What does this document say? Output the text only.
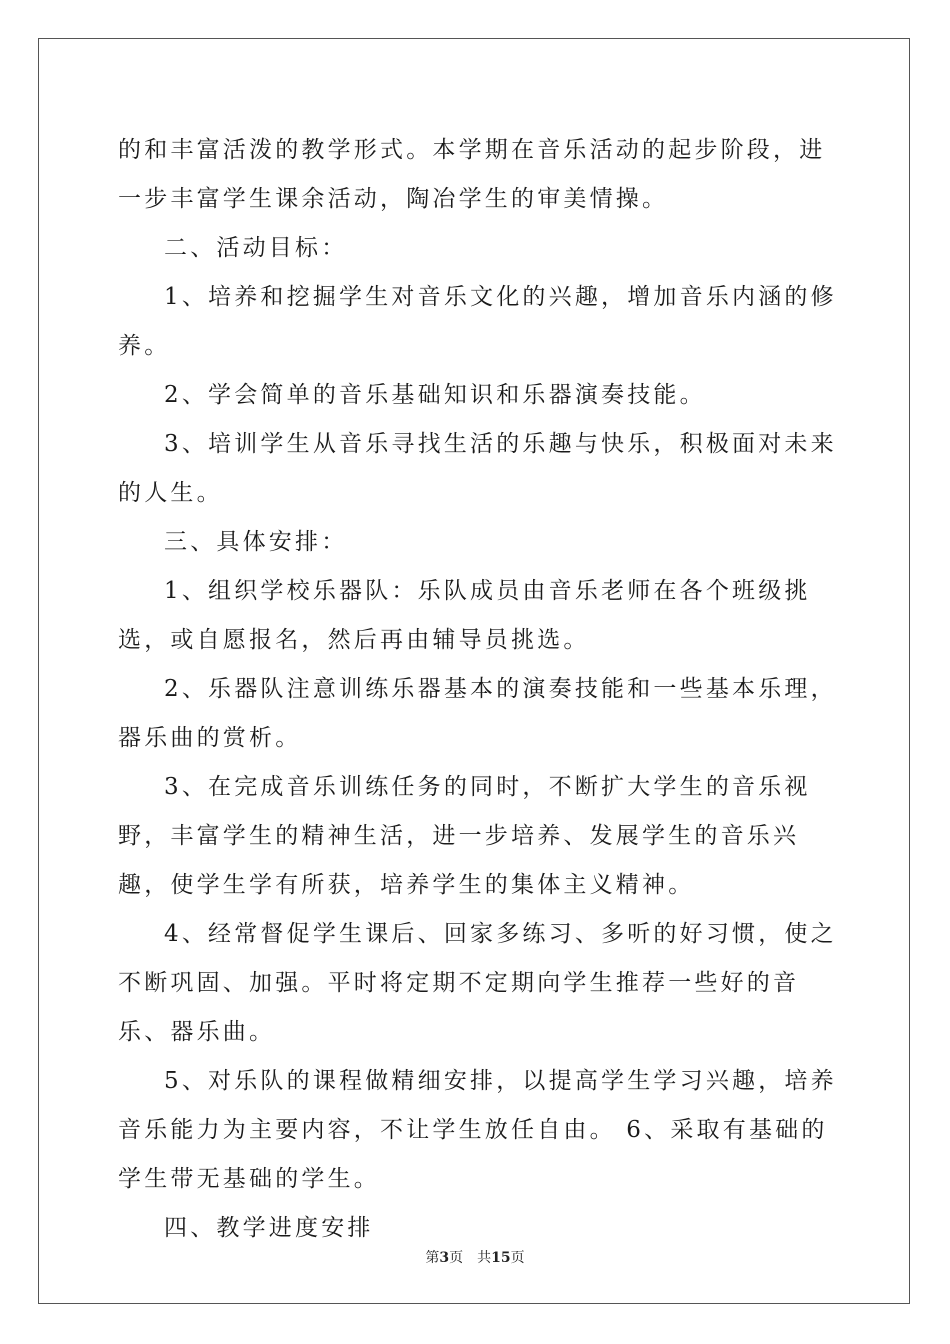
的和丰富活泼的教学形式。本学期在音乐活动的起步阶段，进一步丰富学生课余活动，陶冶学生的审美情操。

二、活动目标：

1、培养和挖掘学生对音乐文化的兴趣，增加音乐内涵的修养。

2、学会简单的音乐基础知识和乐器演奏技能。

3、培训学生从音乐寻找生活的乐趣与快乐，积极面对未来的人生。

三、具体安排：

1、组织学校乐器队：乐队成员由音乐老师在各个班级挑选，或自愿报名，然后再由辅导员挑选。

2、乐器队注意训练乐器基本的演奏技能和一些基本乐理，器乐曲的赏析。

3、在完成音乐训练任务的同时，不断扩大学生的音乐视野，丰富学生的精神生活，进一步培养、发展学生的音乐兴趣，使学生学有所获，培养学生的集体主义精神。

4、经常督促学生课后、回家多练习、多听的好习惯，使之不断巩固、加强。平时将定期不定期向学生推荐一些好的音乐、器乐曲。

5、对乐队的课程做精细安排，以提高学生学习兴趣，培养音乐能力为主要内容，不让学生放任自由。 6、采取有基础的学生带无基础的学生。

四、教学进度安排

第3页 共15页
